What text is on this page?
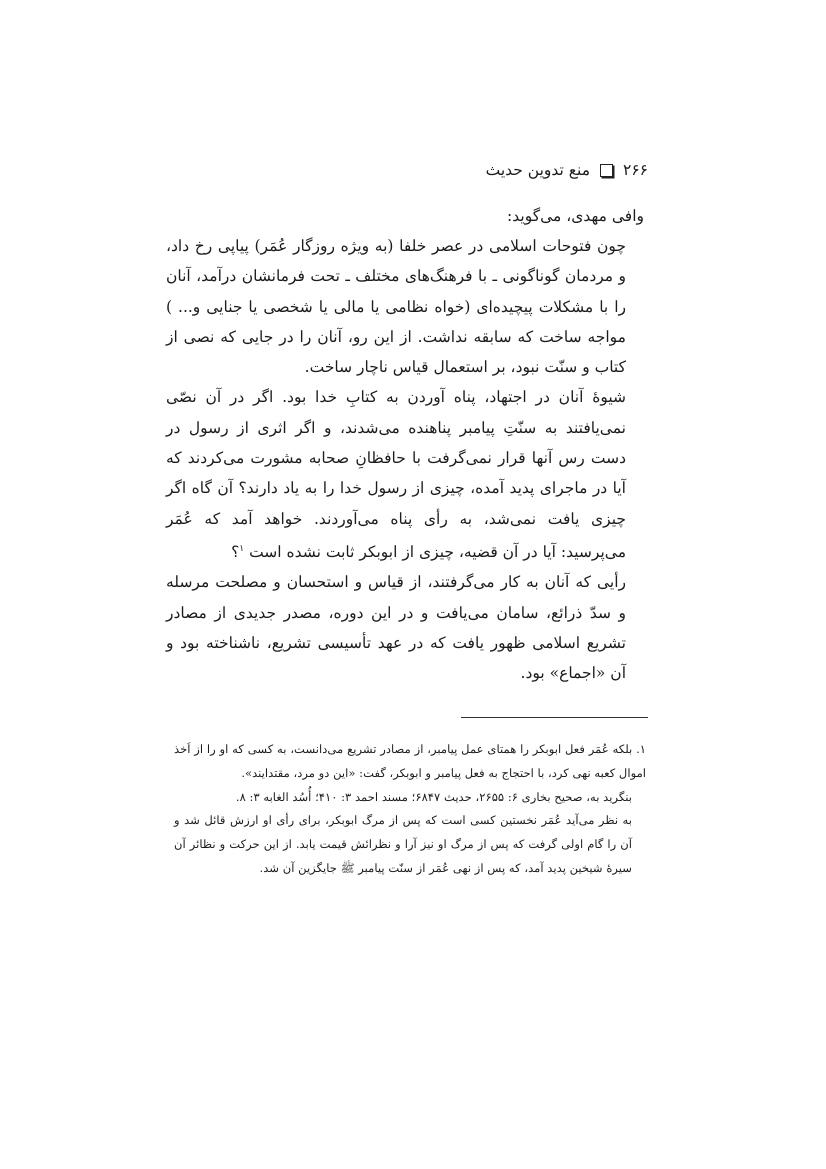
۲۶۶
منع تدوین حدیث
وافی مهدی، می‌گوید:

چون فتوحات اسلامی در عصر خلفا (به ویژه روزگار عُمَر) پیاپی رخ داد، و مردمان گوناگونی ـ با فرهنگ‌های مختلف ـ تحت فرمانشان درآمد، آنان را با مشکلات پیچیده‌ای (خواه نظامی یا مالی یا شخصی یا جنایی و... ) مواجه ساخت که سابقه نداشت. از این رو، آنان را در جایی که نصی از کتاب و سنّت نبود، بر استعمال قیاس ناچار ساخت.

شیوهٔ آنان در اجتهاد، پناه آوردن به کتابِ خدا بود. اگر در آن نصّی نمی‌یافتند به سنّتِ پیامبر پناهنده می‌شدند، و اگر اثری از رسول در دست رس آنها قرار نمی‌گرفت با حافظانِ صحابه مشورت می‌کردند که آیا در ماجرای پدید آمده، چیزی از رسول خدا را به یاد دارند؟ آن گاه اگر چیزی یافت نمی‌شد، به رأی پناه می‌آوردند. خواهد آمد که عُمَر می‌پرسید: آیا در آن قضیه، چیزی از ابوبکر ثابت نشده است $^۱$؟

رأیی که آنان به کار می‌گرفتند، از قیاس و استحسان و مصلحت مرسله و سدّ ذرائع، سامان می‌یافت و در این دوره، مصدر جدیدی از مصادر تشریع اسلامی ظهور یافت که در عهد تأسیسی تشریع، ناشناخته بود و آن «اجماع» بود.

۱. بلکه عُمَر فعل ابوبکر را همتای عمل پیامبر، از مصادر تشریع می‌دانست، به کسی که او را از اَخذ اموال کعبه نهی کرد، با احتجاج به فعل پیامبر و ابوبکر، گفت: «این دو مرد، مقتدایند».

بنگرید به، صحیح بخاری ۶: ۲۶۵۵، حدیث ۶۸۴۷؛ مسند احمد ۳: ۴۱۰؛ أُسُد الغابه ۳: ۸.

به نظر می‌آید عُمَر نخستین کسی است که پس از مرگ ابوبکر، برای رأی او ارزش قائل شد و آن را گام اولی گرفت که پس از مرگ او نیز آرا و نظرائش قیمت یابد. از این حرکت و نظائر آن سیرهٔ شیخین پدید آمد، که پس از نهی عُمَر از سنّت پیامبر ﷺ جایگزین آن شد.
